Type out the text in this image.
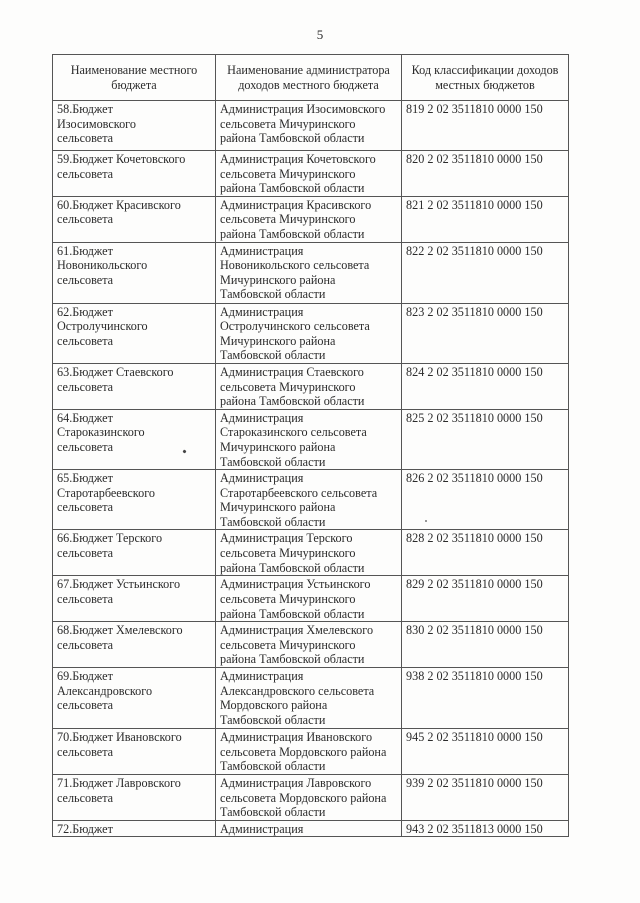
5
Наименование местного бюджета	Наименование администратора доходов местного бюджета	Код классификации доходов местных бюджетов

58.Бюджет
Изосимовского
сельсовета	Администрация Изосимовского
сельсовета Мичуринского
района Тамбовской области	819 2 02 3511810 0000 150

59.Бюджет Кочетовского
сельсовета	Администрация Кочетовского
сельсовета Мичуринского
района Тамбовской области	820 2 02 3511810 0000 150

60.Бюджет Красивского
сельсовета	Администрация Красивского
сельсовета Мичуринского
района Тамбовской области	821 2 02 3511810 0000 150

61.Бюджет
Новоникольского
сельсовета	Администрация
Новоникольского сельсовета
Мичуринского района
Тамбовской области	822 2 02 3511810 0000 150

62.Бюджет
Остролучинского
сельсовета	Администрация
Остролучинского сельсовета
Мичуринского района
Тамбовской области	823 2 02 3511810 0000 150

63.Бюджет Стаевского
сельсовета	Администрация Стаевского
сельсовета Мичуринского
района Тамбовской области	824 2 02 3511810 0000 150

64.Бюджет
Староказинского
сельсовета	Администрация
Староказинского сельсовета
Мичуринского района
Тамбовской области	825 2 02 3511810 0000 150

65.Бюджет
Старотарбеевского
сельсовета	Администрация
Старотарбеевского сельсовета
Мичуринского района
Тамбовской области	826 2 02 3511810 0000 150

66.Бюджет Терского
сельсовета	Администрация Терского
сельсовета Мичуринского
района Тамбовской области	828 2 02 3511810 0000 150

67.Бюджет Устьинского
сельсовета	Администрация Устьинского
сельсовета Мичуринского
района Тамбовской области	829 2 02 3511810 0000 150

68.Бюджет Хмелевского
сельсовета	Администрация Хмелевского
сельсовета Мичуринского
района Тамбовской области	830 2 02 3511810 0000 150

69.Бюджет
Александровского
сельсовета	Администрация
Александровского сельсовета
Мордовского района
Тамбовской области	938 2 02 3511810 0000 150

70.Бюджет Ивановского
сельсовета	Администрация Ивановского
сельсовета Мордовского района
Тамбовской области	945 2 02 3511810 0000 150

71.Бюджет Лавровского
сельсовета	Администрация Лавровского
сельсовета Мордовского района
Тамбовской области	939 2 02 3511810 0000 150

72.Бюджет	Администрация	943 2 02 3511813 0000 150
